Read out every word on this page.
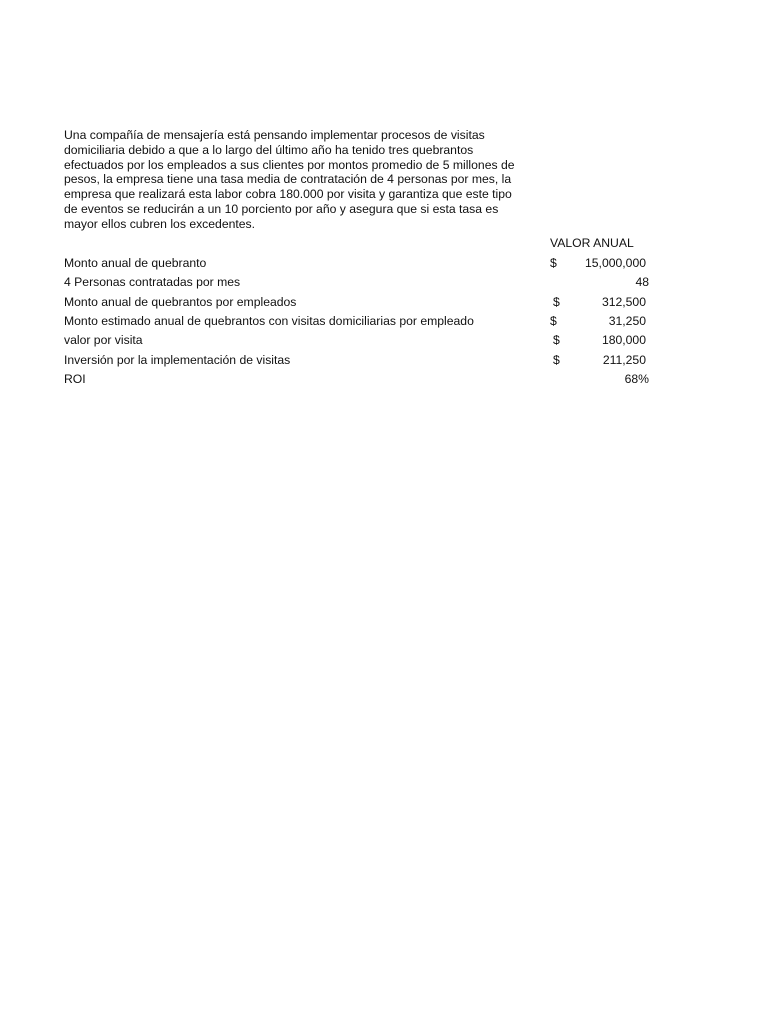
Una compañía de mensajería está pensando implementar procesos de visitas
domiciliaria debido a que a lo largo del último año ha tenido tres quebrantos
efectuados por los empleados a sus clientes por montos promedio de 5 millones de
pesos, la empresa tiene una tasa media de contratación de 4 personas por mes, la
empresa que realizará esta labor cobra 180.000 por visita y garantiza que este tipo
de eventos se reducirán a un 10 porciento por año y asegura que si esta tasa es
mayor ellos cubren los excedentes.

VALOR ANUAL
Monto anual de quebranto	$ 15,000,000
4 Personas contratadas por mes	48
Monto anual de quebrantos por empleados	$	312,500
Monto estimado anual de quebrantos con visitas domiciliarias por empleado	$	31,250
valor por visita	$	180,000
Inversión por la implementación de visitas	$	211,250
ROI	68%
